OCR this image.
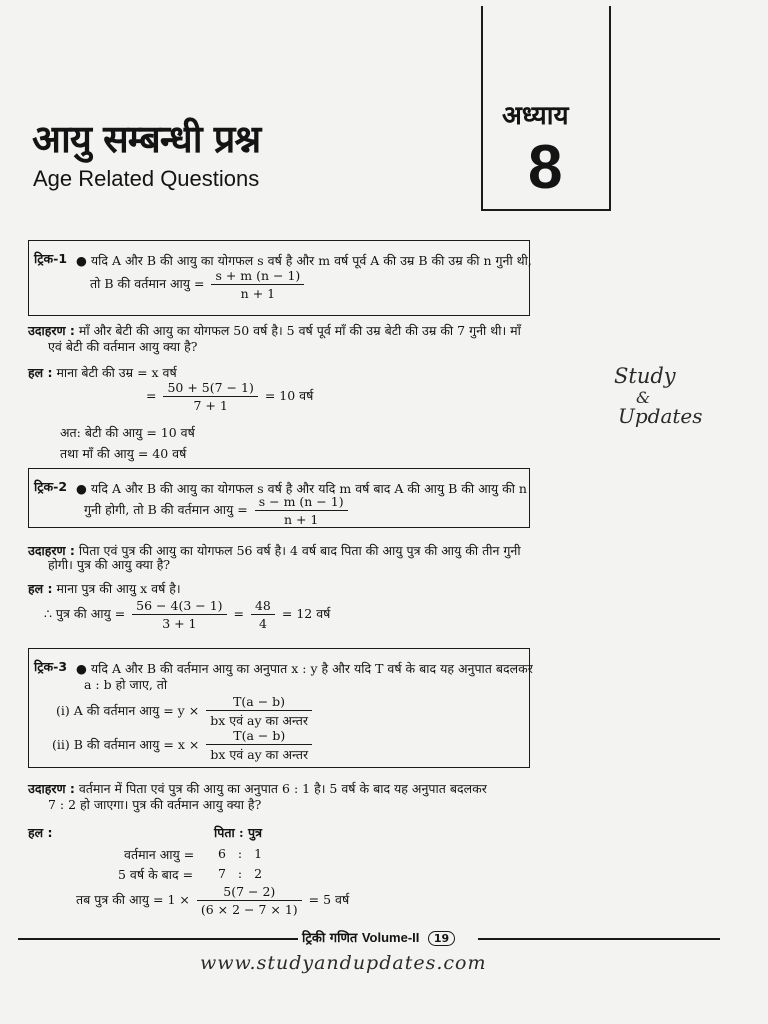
आयु सम्बन्धी प्रश्न
Age Related Questions
अध्याय
8
Study
&
Updates
ट्रिक-1 ● यदि A और B की आयु का योगफल s वर्ष है और m वर्ष पूर्व A की उम्र B की उम्र की n गुनी थी,
तो B की वर्तमान आयु = $\frac{s + m (n - 1)}{n + 1}$
उदाहरण : माँ और बेटी की आयु का योगफल 50 वर्ष है। 5 वर्ष पूर्व माँ की उम्र बेटी की उम्र की 7 गुनी थी। माँ
एवं बेटी की वर्तमान आयु क्या है?
हल : माना बेटी की उम्र = x वर्ष
= $\frac{50 + 5(7 - 1)}{7 + 1} = 10$ वर्ष
अत: बेटी की आयु = 10 वर्ष
तथा माँ की आयु = 40 वर्ष
ट्रिक-2 ● यदि A और B की आयु का योगफल s वर्ष है और यदि m वर्ष बाद A की आयु B की आयु की n
गुनी होगी, तो B की वर्तमान आयु = $\frac{s - m (n - 1)}{n + 1}$
उदाहरण : पिता एवं पुत्र की आयु का योगफल 56 वर्ष है। 4 वर्ष बाद पिता की आयु पुत्र की आयु की तीन गुनी
होगी। पुत्र की आयु क्या है?
हल : माना पुत्र की आयु x वर्ष है।
∴ पुत्र की आयु = $\frac{56 - 4(3 - 1)}{3 + 1} = \frac{48}{4} = 12$ वर्ष
ट्रिक-3 ● यदि A और B की वर्तमान आयु का अनुपात x : y है और यदि T वर्ष के बाद यह अनुपात बदलकर
a : b हो जाए, तो
(i) A की वर्तमान आयु = $y \times \frac{T(a - b)}{\text{bx एवं ay का अन्तर}}$
(ii) B की वर्तमान आयु = $x \times \frac{T(a - b)}{\text{bx एवं ay का अन्तर}}$
उदाहरण : वर्तमान में पिता एवं पुत्र की आयु का अनुपात 6 : 1 है। 5 वर्ष के बाद यह अनुपात बदलकर
7 : 2 हो जाएगा। पुत्र की वर्तमान आयु क्या है?
हल :	पिता : पुत्र
वर्तमान आयु = 6 : 1
5 वर्ष के बाद = 7 : 2
तब पुत्र की आयु = $1 \times \frac{5(7 - 2)}{(6 \times 2 - 7 \times 1)} = 5$ वर्ष
ट्रिकी गणित Volume-II 19
www.studyandupdates.com
